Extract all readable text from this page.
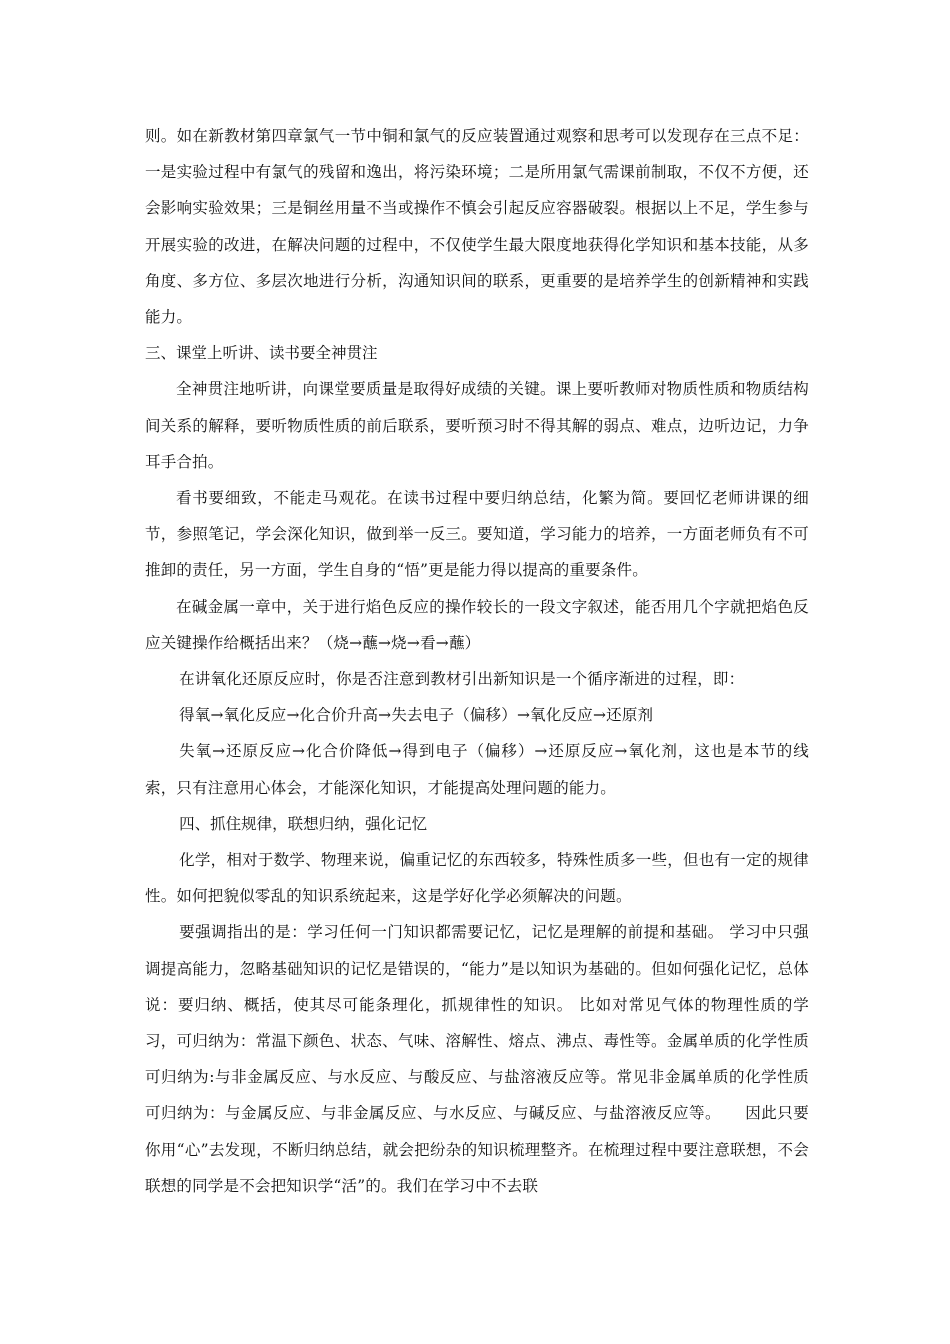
则。如在新教材第四章氯气一节中铜和氯气的反应装置通过观察和思考可以发现存在三点不足：一是实验过程中有氯气的残留和逸出，将污染环境；二是所用氯气需课前制取，不仅不方便，还会影响实验效果；三是铜丝用量不当或操作不慎会引起反应容器破裂。根据以上不足，学生参与开展实验的改进，在解决问题的过程中，不仅使学生最大限度地获得化学知识和基本技能，从多角度、多方位、多层次地进行分析，沟通知识间的联系，更重要的是培养学生的创新精神和实践能力。

三、课堂上听讲、读书要全神贯注

全神贯注地听讲，向课堂要质量是取得好成绩的关键。课上要听教师对物质性质和物质结构间关系的解释，要听物质性质的前后联系，要听预习时不得其解的弱点、难点，边听边记，力争耳手合拍。

看书要细致，不能走马观花。在读书过程中要归纳总结，化繁为简。要回忆老师讲课的细节，参照笔记，学会深化知识，做到举一反三。要知道，学习能力的培养，一方面老师负有不可推卸的责任，另一方面，学生自身的“悟”更是能力得以提高的重要条件。

在碱金属一章中，关于进行焰色反应的操作较长的一段文字叙述，能否用几个字就把焰色反应关键操作给概括出来？（烧→蘸→烧→看→蘸）

在讲氧化还原反应时，你是否注意到教材引出新知识是一个循序渐进的过程，即：

得氧→氧化反应→化合价升高→失去电子（偏移）→氧化反应→还原剂

失氧→还原反应→化合价降低→得到电子（偏移）→还原反应→氧化剂，这也是本节的线索，只有注意用心体会，才能深化知识，才能提高处理问题的能力。

四、抓住规律，联想归纳，强化记忆

化学，相对于数学、物理来说，偏重记忆的东西较多，特殊性质多一些，但也有一定的规律性。如何把貌似零乱的知识系统起来，这是学好化学必须解决的问题。

要强调指出的是：学习任何一门知识都需要记忆，记忆是理解的前提和基础。 学习中只强调提高能力，忽略基础知识的记忆是错误的，“能力”是以知识为基础的。但如何强化记忆，总体说：要归纳、概括，使其尽可能条理化，抓规律性的知识。 比如对常见气体的物理性质的学习，可归纳为：常温下颜色、状态、气味、溶解性、熔点、沸点、毒性等。金属单质的化学性质可归纳为:与非金属反应、与水反应、与酸反应、与盐溶液反应等。常见非金属单质的化学性质可归纳为：与金属反应、与非金属反应、与水反应、与碱反应、与盐溶液反应等。　　因此只要你用“心”去发现，不断归纳总结，就会把纷杂的知识梳理整齐。在梳理过程中要注意联想，不会联想的同学是不会把知识学“活”的。我们在学习中不去联
